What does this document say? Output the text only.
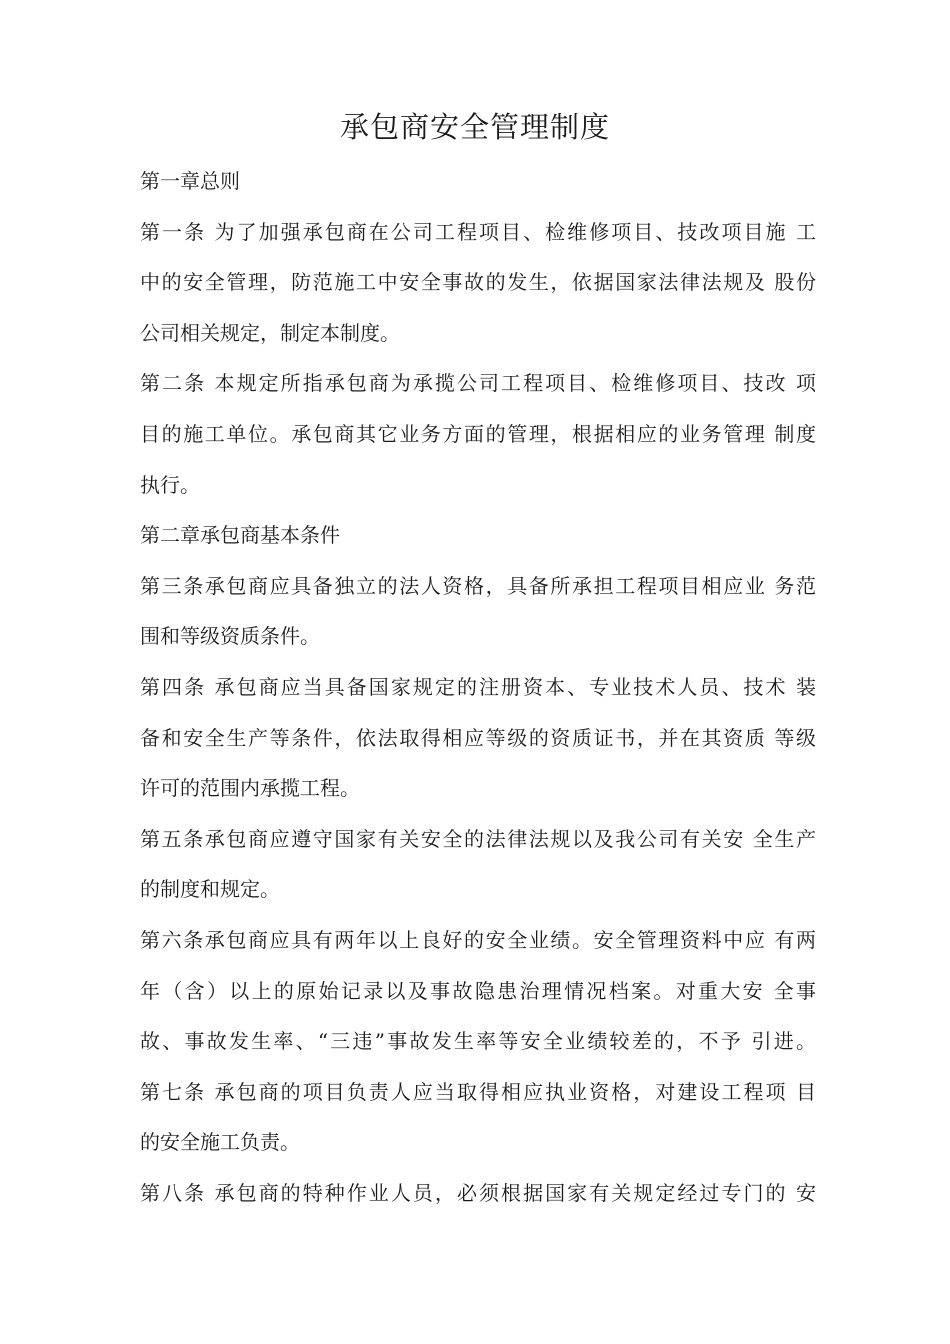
承包商安全管理制度
第一章总则
第一条 为了加强承包商在公司工程项目、检维修项目、技改项目施 工
中的安全管理，防范施工中安全事故的发生，依据国家法律法规及 股份
公司相关规定，制定本制度。
第二条 本规定所指承包商为承揽公司工程项目、检维修项目、技改 项
目的施工单位。承包商其它业务方面的管理，根据相应的业务管理 制度
执行。
第二章承包商基本条件
第三条承包商应具备独立的法人资格，具备所承担工程项目相应业 务范
围和等级资质条件。
第四条 承包商应当具备国家规定的注册资本、专业技术人员、技术 装
备和安全生产等条件，依法取得相应等级的资质证书，并在其资质 等级
许可的范围内承揽工程。
第五条承包商应遵守国家有关安全的法律法规以及我公司有关安 全生产
的制度和规定。
第六条承包商应具有两年以上良好的安全业绩。安全管理资料中应 有两
年（含）以上的原始记录以及事故隐患治理情况档案。对重大安 全事
故、事故发生率、“三违”事故发生率等安全业绩较差的，不予 引进。
第七条 承包商的项目负责人应当取得相应执业资格，对建设工程项 目
的安全施工负责。
第八条 承包商的特种作业人员，必须根据国家有关规定经过专门的 安
